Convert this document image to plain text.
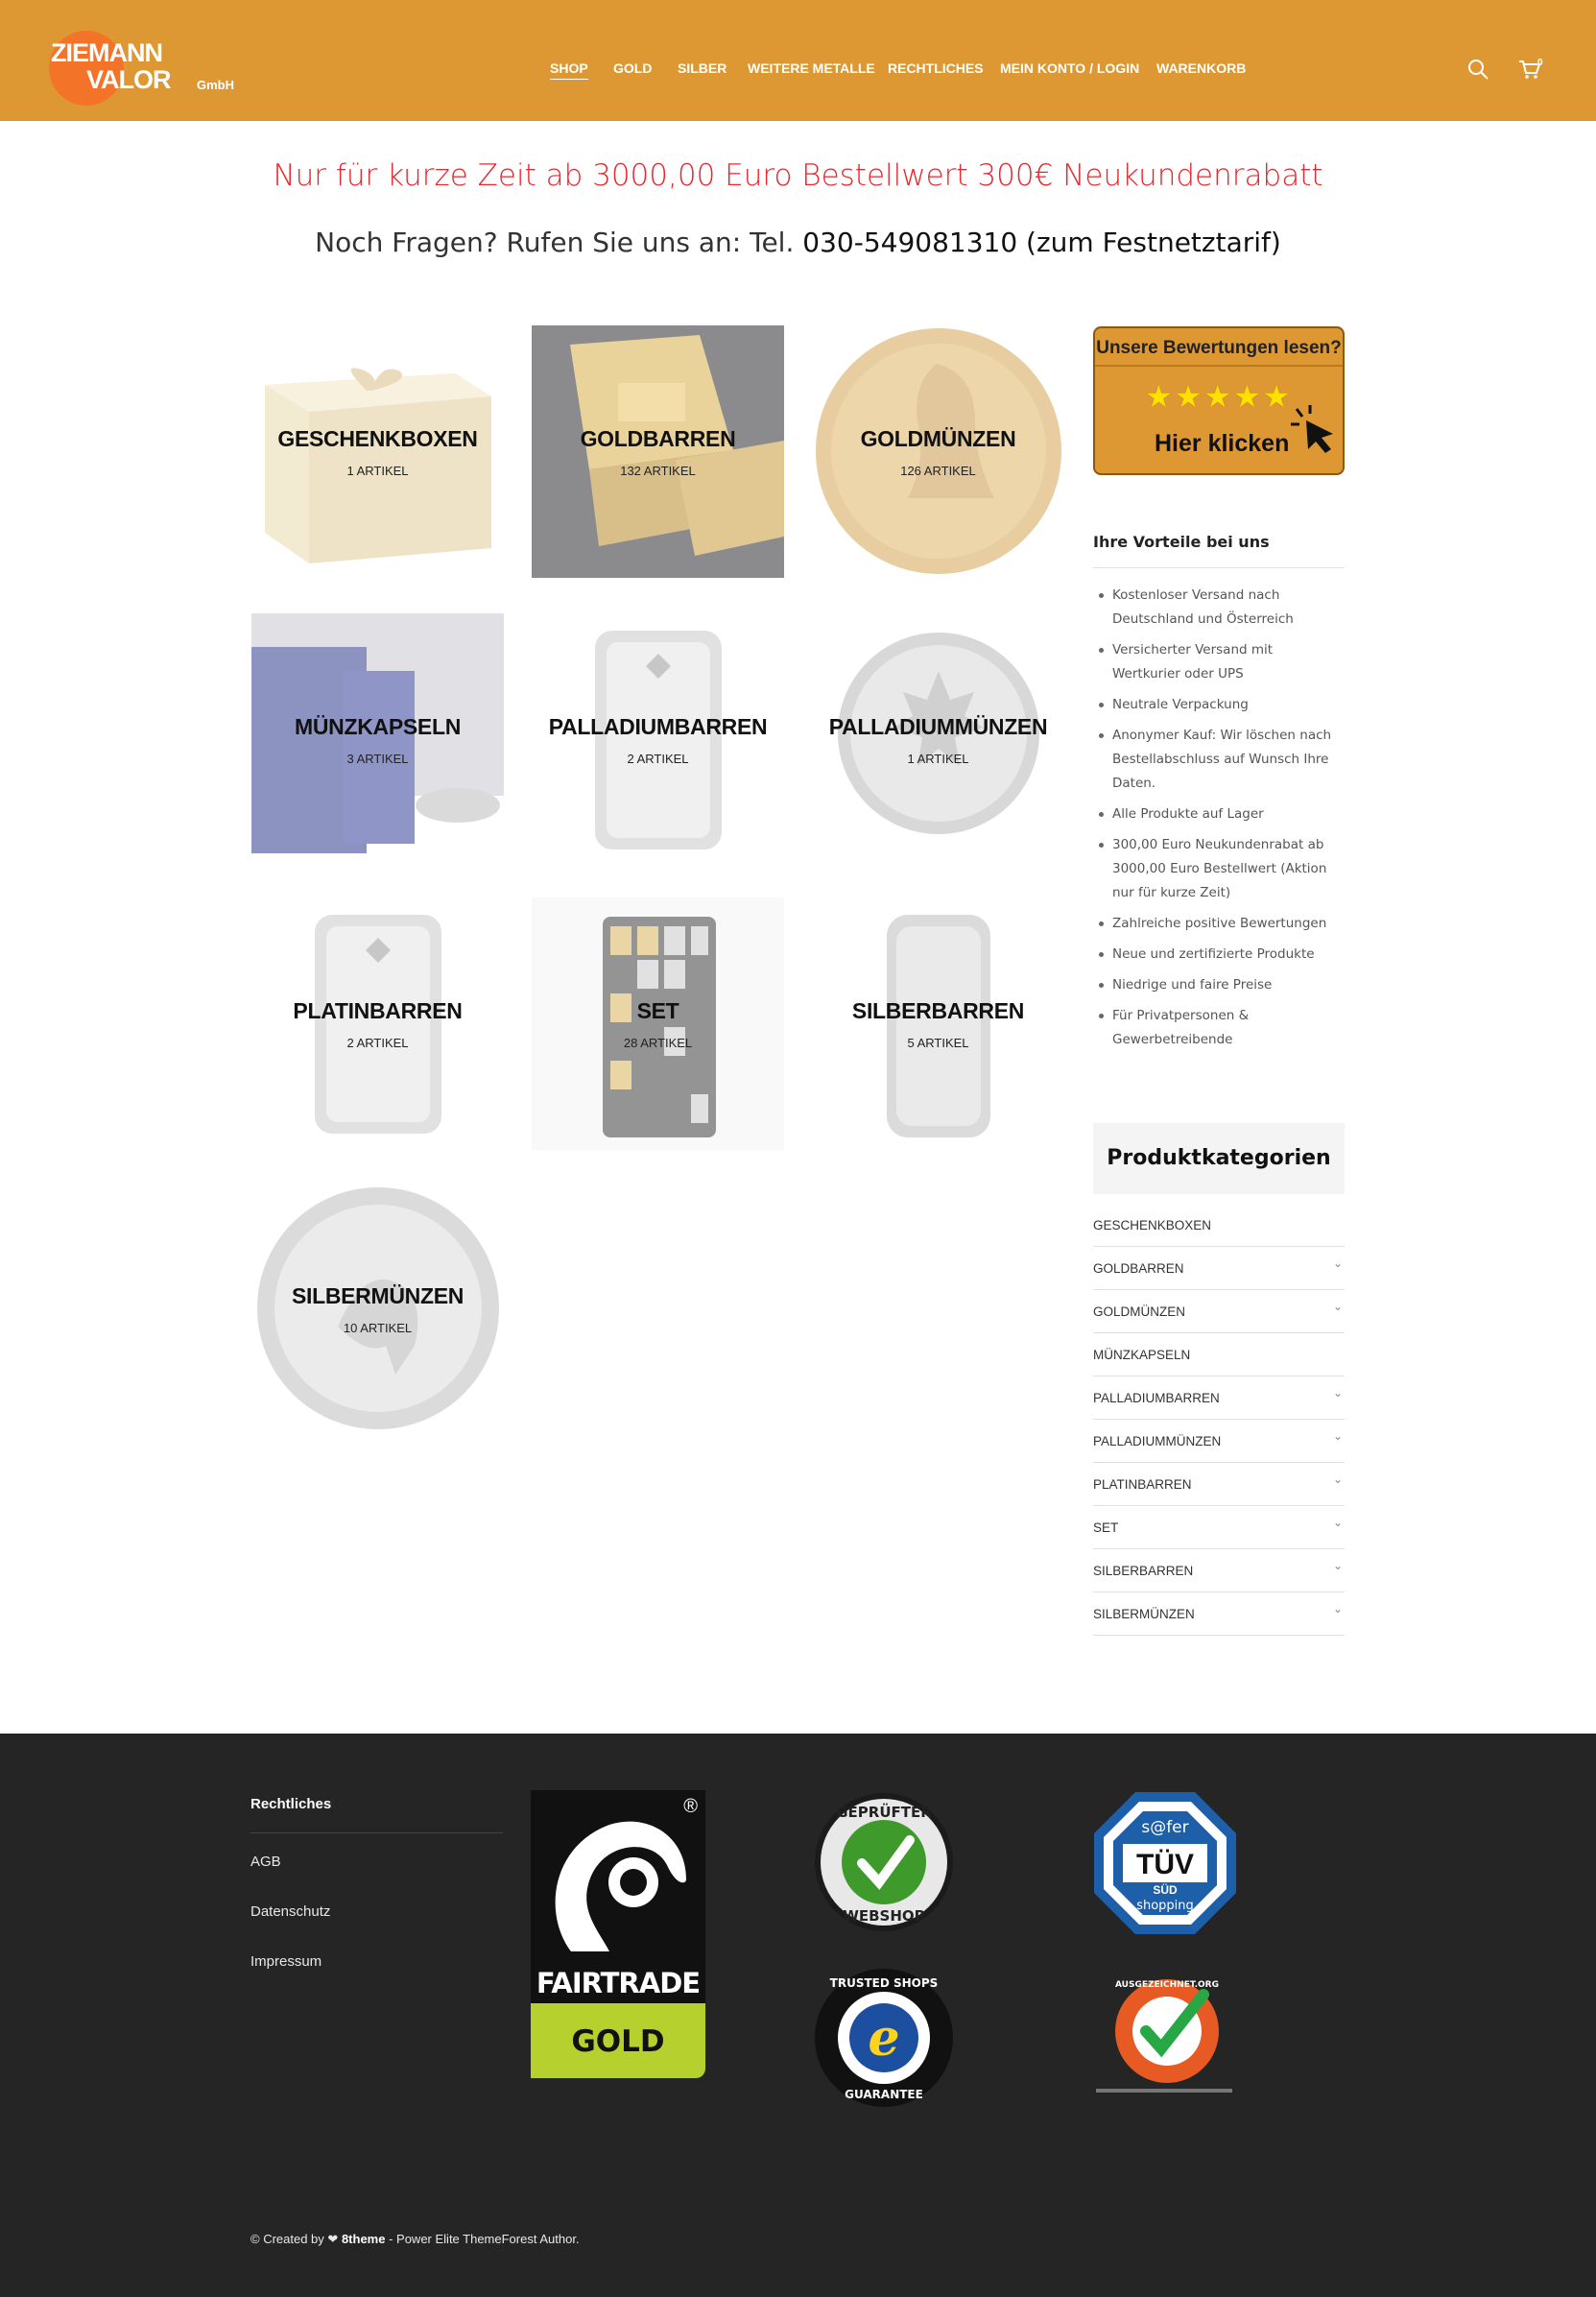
ZIEMANN
VALOR GmbH
SHOP GOLD SILBER WEITERE METALLE RECHTLICHES MEIN KONTO / LOGIN WARENKORB	0
Nur für kurze Zeit ab 3000,00 Euro Bestellwert 300€ Neukundenrabatt
Noch Fragen? Rufen Sie uns an: Tel. 030-549081310 (zum Festnetztarif)
GESCHENKBOXEN
1 ARTIKEL
GOLDBARREN
132 ARTIKEL
GOLDMÜNZEN
126 ARTIKEL
MÜNZKAPSELN
3 ARTIKEL
PALLADIUMBARREN
2 ARTIKEL
PALLADIUMMÜNZEN
1 ARTIKEL
PLATINBARREN
2 ARTIKEL
SET
28 ARTIKEL
SILBERBARREN
5 ARTIKEL
SILBERMÜNZEN
10 ARTIKEL
Unsere Bewertungen lesen?
★★★★★
Hier klicken
Ihre Vorteile bei uns
Kostenloser Versand nach Deutschland und Österreich
Versicherter Versand mit Wertkurier oder UPS
Neutrale Verpackung
Anonymer Kauf: Wir löschen nach Bestellabschluss auf Wunsch Ihre Daten.
Alle Produkte auf Lager
300,00 Euro Neukundenrabat ab 3000,00 Euro Bestellwert (Aktion nur für kurze Zeit)
Zahlreiche positive Bewertungen
Neue und zertifizierte Produkte
Niedrige und faire Preise
Für Privatpersonen & Gewerbetreibende
Produktkategorien
GESCHENKBOXEN
GOLDBARREN	⌄
GOLDMÜNZEN	⌄
MÜNZKAPSELN
PALLADIUMBARREN	⌄
PALLADIUMMÜNZEN	⌄
PLATINBARREN	⌄
SET	⌄
SILBERBARREN	⌄
SILBERMÜNZEN	⌄
Rechtliches
AGB
Datenschutz
Impressum
®
FAIRTRADE
GOLD
GEPRÜFTER
WEBSHOP
s@fer
TÜV
SÜD
shopping
e
TRUSTED SHOPS
GUARANTEE
AUSGEZEICHNET.ORG
© Created by ❤ 8theme - Power Elite ThemeForest Author.
